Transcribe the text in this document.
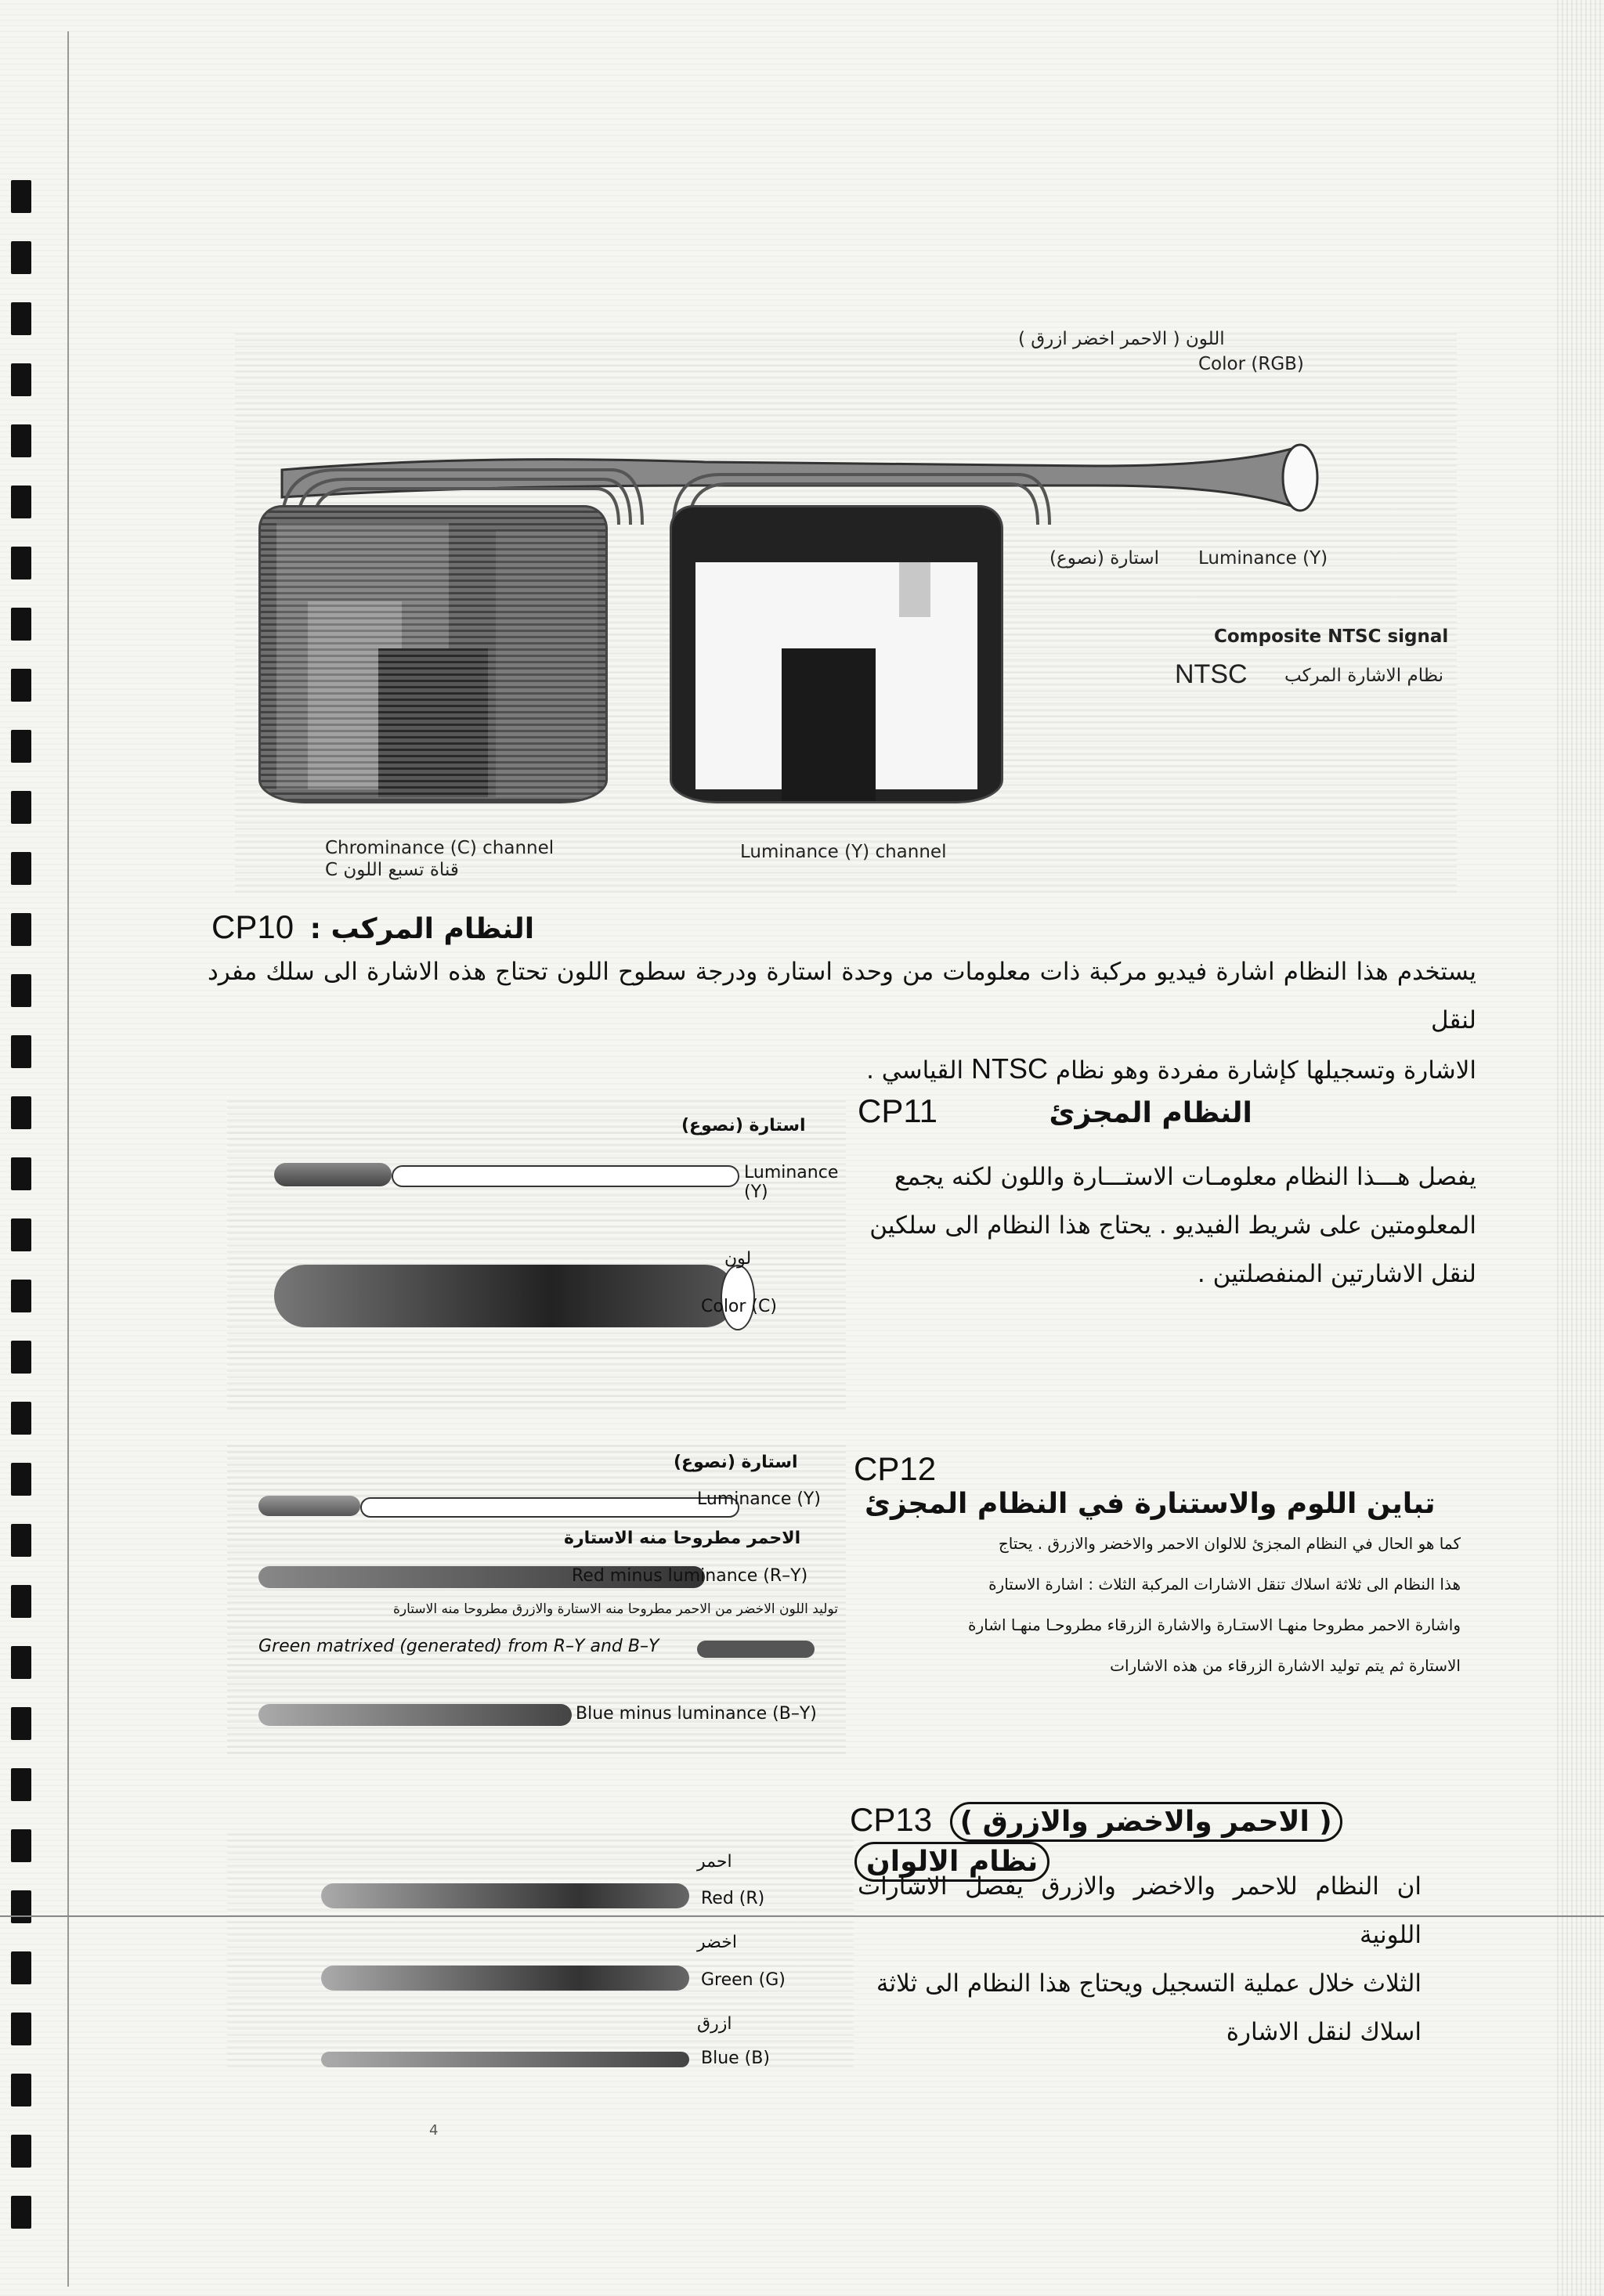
اللون ( الاحمر اخضر ازرق )
Color (RGB)
استارة (نصوع) Luminance (Y)
Composite NTSC signal
نظام الاشارة المركب
NTSC
Chrominance (C) channel
قناة تسبع اللون C
Luminance (Y) channel
CP10 النظام المركب :
يستخدم هذا النظام اشارة فيديو مركبة ذات معلومات من وحدة استارة ودرجة سطوح اللون تحتاج هذه الاشارة الى سلك مفرد لنقل
الاشارة وتسجيلها كإشارة مفردة وهو نظام NTSC القياسي .
استارة (نصوع)
Luminance (Y)
لون
Color (C)
CP11	النظام المجزئ
يفصل هـــذا النظام معلومـات الاستـــارة واللون لكنه يجمع
المعلومتين على شريط الفيديو . يحتاج هذا النظام الى سلكين
لنقل الاشارتين المنفصلتين .
استارة (نصوع)
Luminance (Y)
الاحمر مطروحا منه الاستارة
Red minus luminance (R–Y)
توليد اللون الاخضر من الاحمر مطروحا منه الاستارة والازرق مطروحا منه الاستارة
Green matrixed (generated) from R–Y and B–Y
Blue minus luminance (B–Y)
CP12 تباين اللوم والاستنارة في النظام المجزئ
كما هو الحال في النظام المجزئ للالوان الاحمر والاخضر والازرق . يحتاج
هذا النظام الى ثلاثة اسلاك تنقل الاشارات المركبة الثلاث : اشارة الاستارة
واشارة الاحمر مطروحا منهـا الاستـارة والاشارة الزرقاء مطروحـا منهـا اشارة
الاستارة ثم يتم توليد الاشارة الزرقاء من هذه الاشارات
احمر
Red (R)
اخضر
Green (G)
ازرق
Blue (B)
CP13 ( الاحمر والاخضر والازرق ) نظام الالوان
ان النظام للاحمر والاخضر والازرق يفصل الاشارات اللونية
الثلاث خلال عملية التسجيل ويحتاج هذا النظام الى ثلاثة
اسلاك لنقل الاشارة
4
